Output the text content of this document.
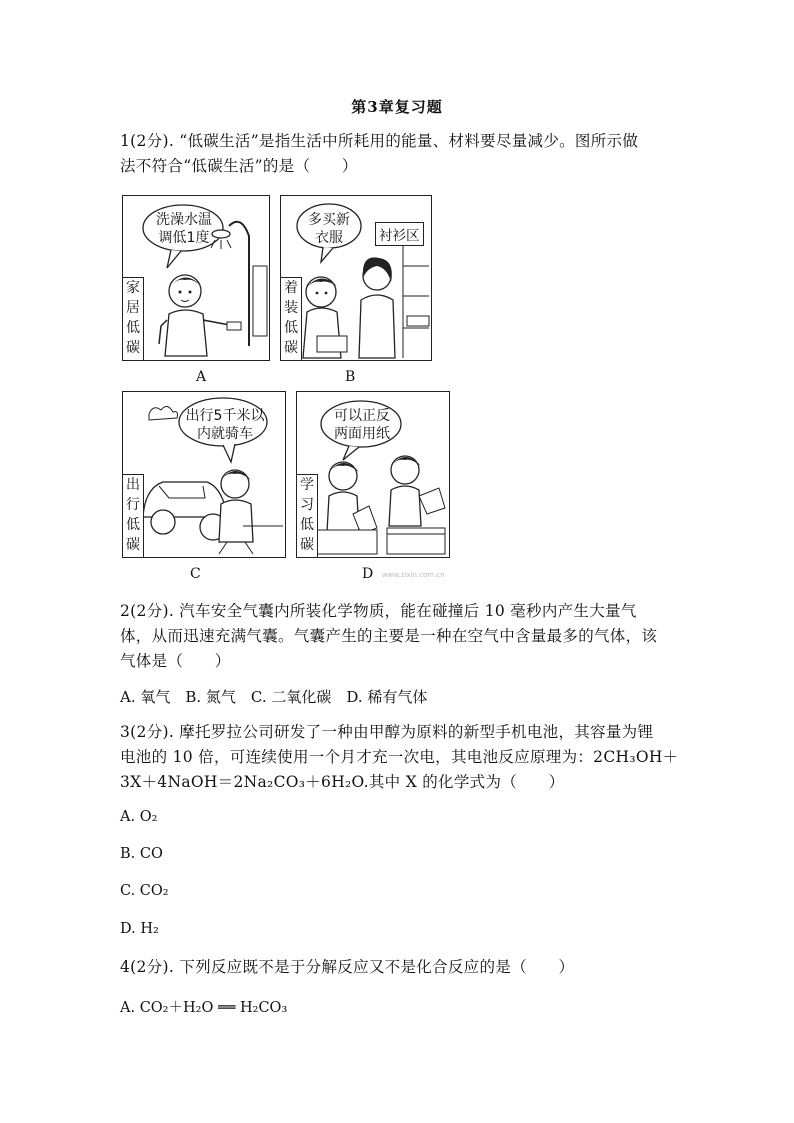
第3章复习题
1(2分). “低碳生活”是指生活中所耗用的能量、材料要尽量减少。图所示做
法不符合“低碳生活”的是（　　）
洗澡水温
调低1度
家
居
低
碳
A
多买新
衣服	衬衫区
着
装
低
碳
B
出行5千米以
内就骑车
出
行
低
碳
C
可以正反
两面用纸
学
习
低
碳
D www.zixin.com.cn
2(2分). 汽车安全气囊内所装化学物质，能在碰撞后 10 毫秒内产生大量气
体，从而迅速充满气囊。气囊产生的主要是一种在空气中含量最多的气体，该
气体是（　　）
A. 氧气　B. 氮气　C. 二氧化碳　D. 稀有气体
3(2分). 摩托罗拉公司研发了一种由甲醇为原料的新型手机电池，其容量为锂
电池的 10 倍，可连续使用一个月才充一次电，其电池反应原理为：2CH₃OH＋
3X＋4NaOH＝2Na₂CO₃＋6H₂O.其中 X 的化学式为（　　）
A. O₂
B. CO
C. CO₂
D. H₂
4(2分). 下列反应既不是于分解反应又不是化合反应的是（　　）
A. CO₂＋H₂O ══ H₂CO₃
